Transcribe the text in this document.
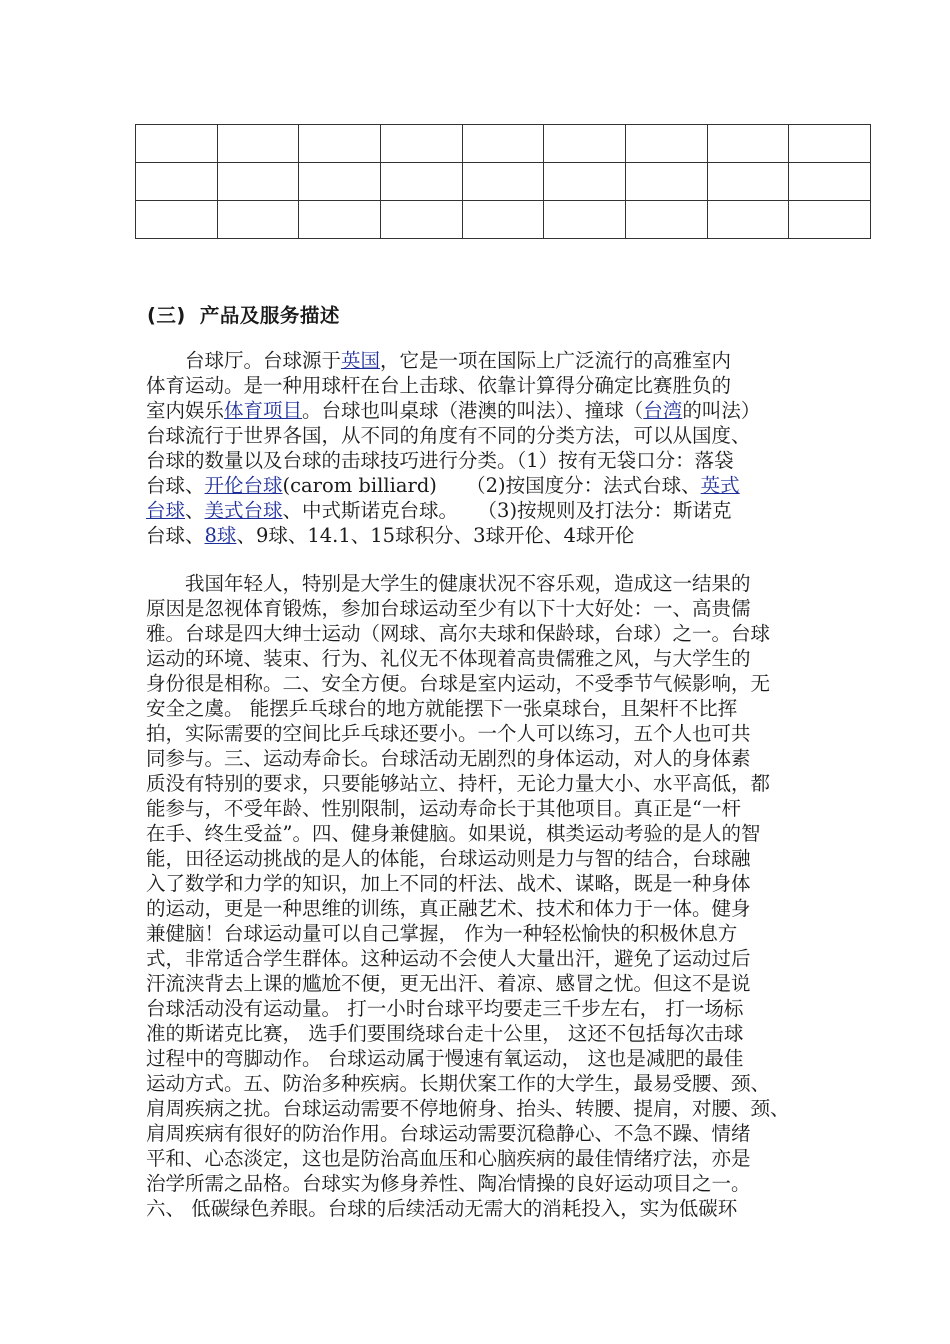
(三) 产品及服务描述
　　台球厅。台球源于英国，它是一项在国际上广泛流行的高雅室内
体育运动。是一种用球杆在台上击球、依靠计算得分确定比赛胜负的
室内娱乐体育项目。台球也叫桌球（港澳的叫法）、撞球（台湾的叫法）
台球流行于世界各国，从不同的角度有不同的分类方法，可以从国度、
台球的数量以及台球的击球技巧进行分类。（1）按有无袋口分：落袋
台球、开伦台球(carom billiard)　　（2)按国度分：法式台球、英式
台球、美式台球、中式斯诺克台球。　　（3)按规则及打法分：斯诺克
台球、8球、9球、14.1、15球积分、3球开伦、4球开伦
　　我国年轻人，特别是大学生的健康状况不容乐观，造成这一结果的
原因是忽视体育锻炼，参加台球运动至少有以下十大好处：一、高贵儒
雅。台球是四大绅士运动（网球、高尔夫球和保龄球，台球）之一。台球
运动的环境、装束、行为、礼仪无不体现着高贵儒雅之风，与大学生的
身份很是相称。二、安全方便。台球是室内运动，不受季节气候影响，无
安全之虞。 能摆乒乓球台的地方就能摆下一张桌球台，且架杆不比挥
拍，实际需要的空间比乒乓球还要小。一个人可以练习，五个人也可共
同参与。三、运动寿命长。台球活动无剧烈的身体运动，对人的身体素
质没有特别的要求，只要能够站立、持杆，无论力量大小、水平高低，都
能参与，不受年龄、性别限制，运动寿命长于其他项目。真正是“一杆
在手、终生受益”。四、健身兼健脑。如果说，棋类运动考验的是人的智
能，田径运动挑战的是人的体能，台球运动则是力与智的结合，台球融
入了数学和力学的知识，加上不同的杆法、战术、谋略，既是一种身体
的运动，更是一种思维的训练，真正融艺术、技术和体力于一体。健身
兼健脑！台球运动量可以自己掌握， 作为一种轻松愉快的积极休息方
式，非常适合学生群体。这种运动不会使人大量出汗，避免了运动过后
汗流浃背去上课的尴尬不便，更无出汗、着凉、感冒之忧。但这不是说
台球活动没有运动量。 打一小时台球平均要走三千步左右， 打一场标
准的斯诺克比赛， 选手们要围绕球台走十公里， 这还不包括每次击球
过程中的弯脚动作。 台球运动属于慢速有氧运动， 这也是减肥的最佳
运动方式。五、防治多种疾病。长期伏案工作的大学生，最易受腰、颈、
肩周疾病之扰。台球运动需要不停地俯身、抬头、转腰、提肩，对腰、颈、
肩周疾病有很好的防治作用。台球运动需要沉稳静心、不急不躁、情绪
平和、心态淡定，这也是防治高血压和心脑疾病的最佳情绪疗法，亦是
治学所需之品格。台球实为修身养性、陶冶情操的良好运动项目之一。
六、 低碳绿色养眼。台球的后续活动无需大的消耗投入，实为低碳环
